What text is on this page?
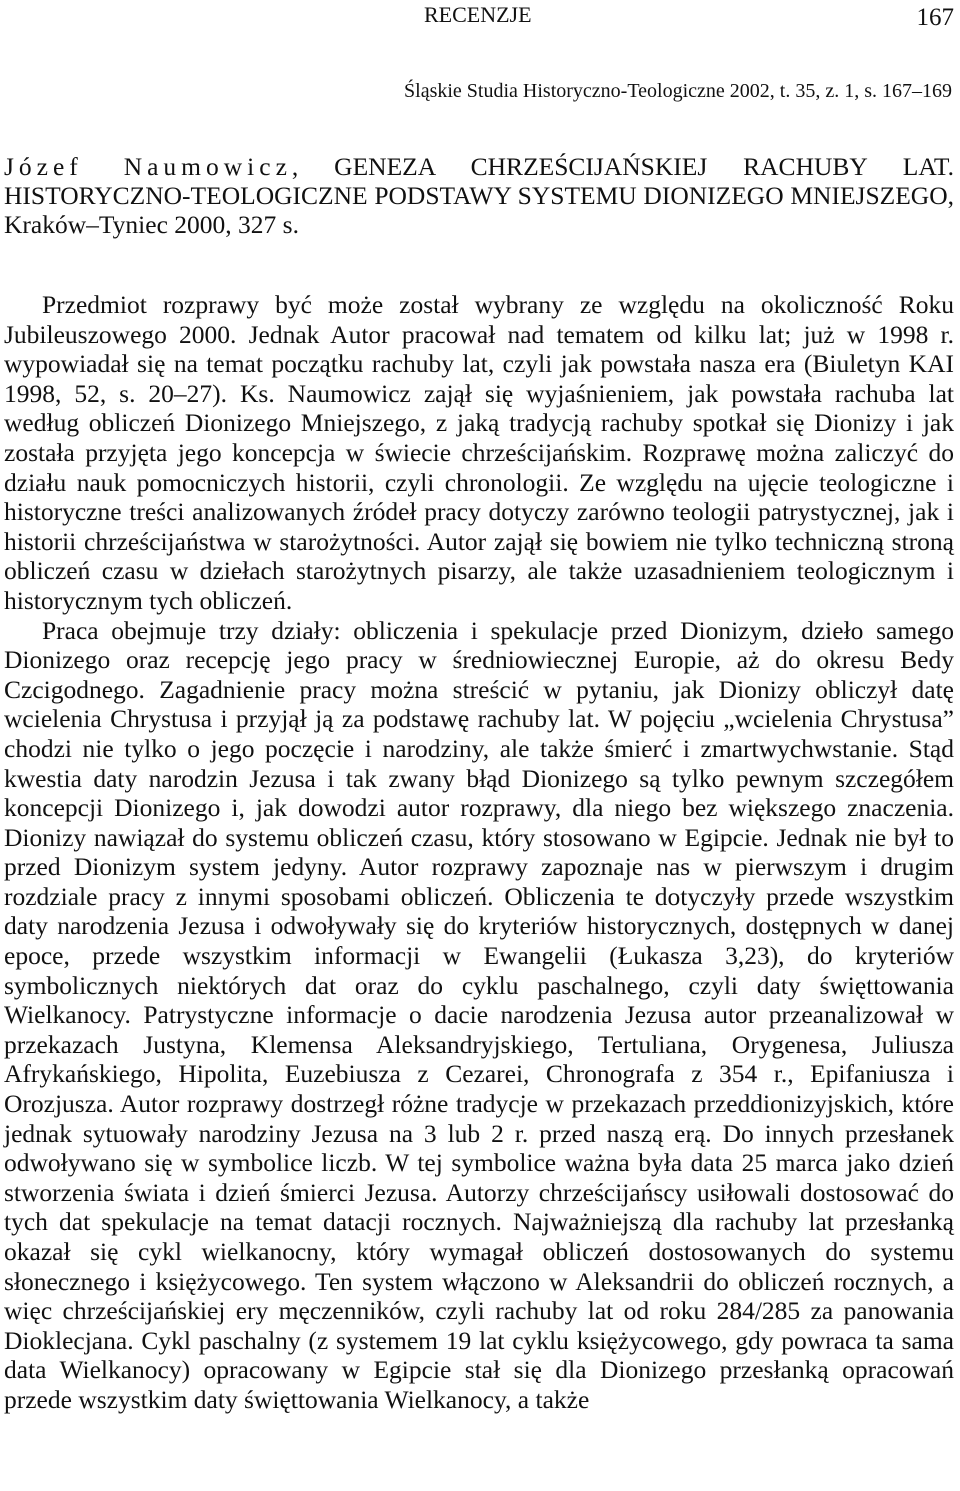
RECENZJE	167
Śląskie Studia Historyczno-Teologiczne 2002, t. 35, z. 1, s. 167–169
Józef Naumowicz, GENEZA CHRZEŚCIJAŃSKIEJ RACHUBY LAT. HISTORYCZNO-TEOLOGICZNE PODSTAWY SYSTEMU DIONIZEGO MNIEJSZEGO, Kraków–Tyniec 2000, 327 s.

Przedmiot rozprawy być może został wybrany ze względu na okoliczność Roku Jubileuszowego 2000. Jednak Autor pracował nad tematem od kilku lat; już w 1998 r. wypowiadał się na temat początku rachuby lat, czyli jak powstała nasza era (Biuletyn KAI 1998, 52, s. 20–27). Ks. Naumowicz zajął się wyjaśnieniem, jak powstała rachuba lat według obliczeń Dionizego Mniejszego, z jaką tradycją rachuby spotkał się Dionizy i jak została przyjęta jego koncepcja w świecie chrześcijańskim. Rozprawę można zaliczyć do działu nauk pomocniczych historii, czyli chronologii. Ze względu na ujęcie teologiczne i historyczne treści analizowanych źródeł pracy dotyczy zarówno teologii patrystycznej, jak i historii chrześcijaństwa w starożytności. Autor zajął się bowiem nie tylko techniczną stroną obliczeń czasu w dziełach starożytnych pisarzy, ale także uzasadnieniem teologicznym i historycznym tych obliczeń.

Praca obejmuje trzy działy: obliczenia i spekulacje przed Dionizym, dzieło samego Dionizego oraz recepcję jego pracy w średniowiecznej Europie, aż do okresu Bedy Czcigodnego. Zagadnienie pracy można streścić w pytaniu, jak Dionizy obliczył datę wcielenia Chrystusa i przyjął ją za podstawę rachuby lat. W pojęciu „wcielenia Chrystusa” chodzi nie tylko o jego poczęcie i narodziny, ale także śmierć i zmartwychwstanie. Stąd kwestia daty narodzin Jezusa i tak zwany błąd Dionizego są tylko pewnym szczegółem koncepcji Dionizego i, jak dowodzi autor rozprawy, dla niego bez większego znaczenia. Dionizy nawiązał do systemu obliczeń czasu, który stosowano w Egipcie. Jednak nie był to przed Dionizym system jedyny. Autor rozprawy zapoznaje nas w pierwszym i drugim rozdziale pracy z innymi sposobami obliczeń. Obliczenia te dotyczyły przede wszystkim daty narodzenia Jezusa i odwoływały się do kryteriów historycznych, dostępnych w danej epoce, przede wszystkim informacji w Ewangelii (Łukasza 3,23), do kryteriów symbolicznych niektórych dat oraz do cyklu paschalnego, czyli daty święttowania Wielkanocy. Patrystyczne informacje o dacie narodzenia Jezusa autor przeanalizował w przekazach Justyna, Klemensa Aleksandryjskiego, Tertuliana, Orygenesa, Juliusza Afrykańskiego, Hipolita, Euzebiusza z Cezarei, Chronografa z 354 r., Epifaniusza i Orozjusza. Autor rozprawy dostrzegł różne tradycje w przekazach przeddionizyjskich, które jednak sytuowały narodziny Jezusa na 3 lub 2 r. przed naszą erą. Do innych przesłanek odwoływano się w symbolice liczb. W tej symbolice ważna była data 25 marca jako dzień stworzenia świata i dzień śmierci Jezusa. Autorzy chrześcijańscy usiłowali dostosować do tych dat spekulacje na temat datacji rocznych. Najważniejszą dla rachuby lat przesłanką okazał się cykl wielkanocny, który wymagał obliczeń dostosowanych do systemu słonecznego i księżycowego. Ten system włączono w Aleksandrii do obliczeń rocznych, a więc chrześcijańskiej ery męczenników, czyli rachuby lat od roku 284/285 za panowania Dioklecjana. Cykl paschalny (z systemem 19 lat cyklu księżycowego, gdy powraca ta sama data Wielkanocy) opracowany w Egipcie stał się dla Dionizego przesłanką opracowań przede wszystkim daty święttowania Wielkanocy, a także
